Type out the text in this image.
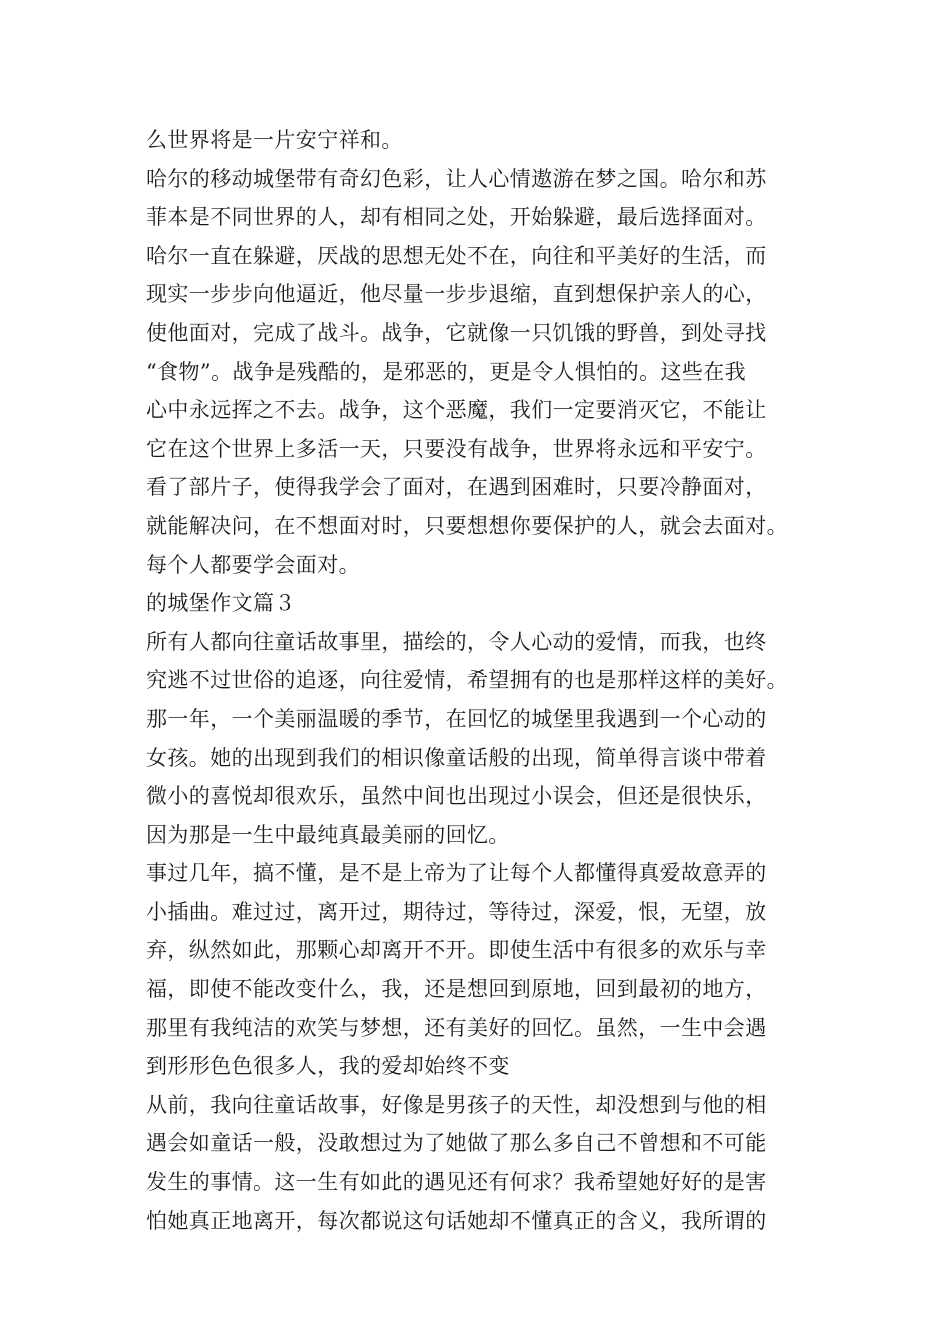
么世界将是一片安宁祥和。
哈尔的移动城堡带有奇幻色彩，让人心情遨游在梦之国。哈尔和苏
菲本是不同世界的人，却有相同之处，开始躲避，最后选择面对。
哈尔一直在躲避，厌战的思想无处不在，向往和平美好的生活，而
现实一步步向他逼近，他尽量一步步退缩，直到想保护亲人的心，
使他面对，完成了战斗。战争，它就像一只饥饿的野兽，到处寻找
“食物”。战争是残酷的，是邪恶的，更是令人惧怕的。这些在我
心中永远挥之不去。战争，这个恶魔，我们一定要消灭它，不能让
它在这个世界上多活一天，只要没有战争，世界将永远和平安宁。
看了部片子，使得我学会了面对，在遇到困难时，只要冷静面对，
就能解决问，在不想面对时，只要想想你要保护的人，就会去面对。
每个人都要学会面对。
的城堡作文篇３
所有人都向往童话故事里，描绘的，令人心动的爱情，而我，也终
究逃不过世俗的追逐，向往爱情，希望拥有的也是那样这样的美好。
那一年，一个美丽温暖的季节，在回忆的城堡里我遇到一个心动的
女孩。她的出现到我们的相识像童话般的出现，简单得言谈中带着
微小的喜悦却很欢乐，虽然中间也出现过小误会，但还是很快乐，
因为那是一生中最纯真最美丽的回忆。
事过几年，搞不懂，是不是上帝为了让每个人都懂得真爱故意弄的
小插曲。难过过，离开过，期待过，等待过，深爱，恨，无望，放
弃，纵然如此，那颗心却离开不开。即使生活中有很多的欢乐与幸
福，即使不能改变什么，我，还是想回到原地，回到最初的地方，
那里有我纯洁的欢笑与梦想，还有美好的回忆。虽然，一生中会遇
到形形色色很多人，我的爱却始终不变
从前，我向往童话故事，好像是男孩子的天性，却没想到与他的相
遇会如童话一般，没敢想过为了她做了那么多自己不曾想和不可能
发生的事情。这一生有如此的遇见还有何求？我希望她好好的是害
怕她真正地离开，每次都说这句话她却不懂真正的含义，我所谓的
